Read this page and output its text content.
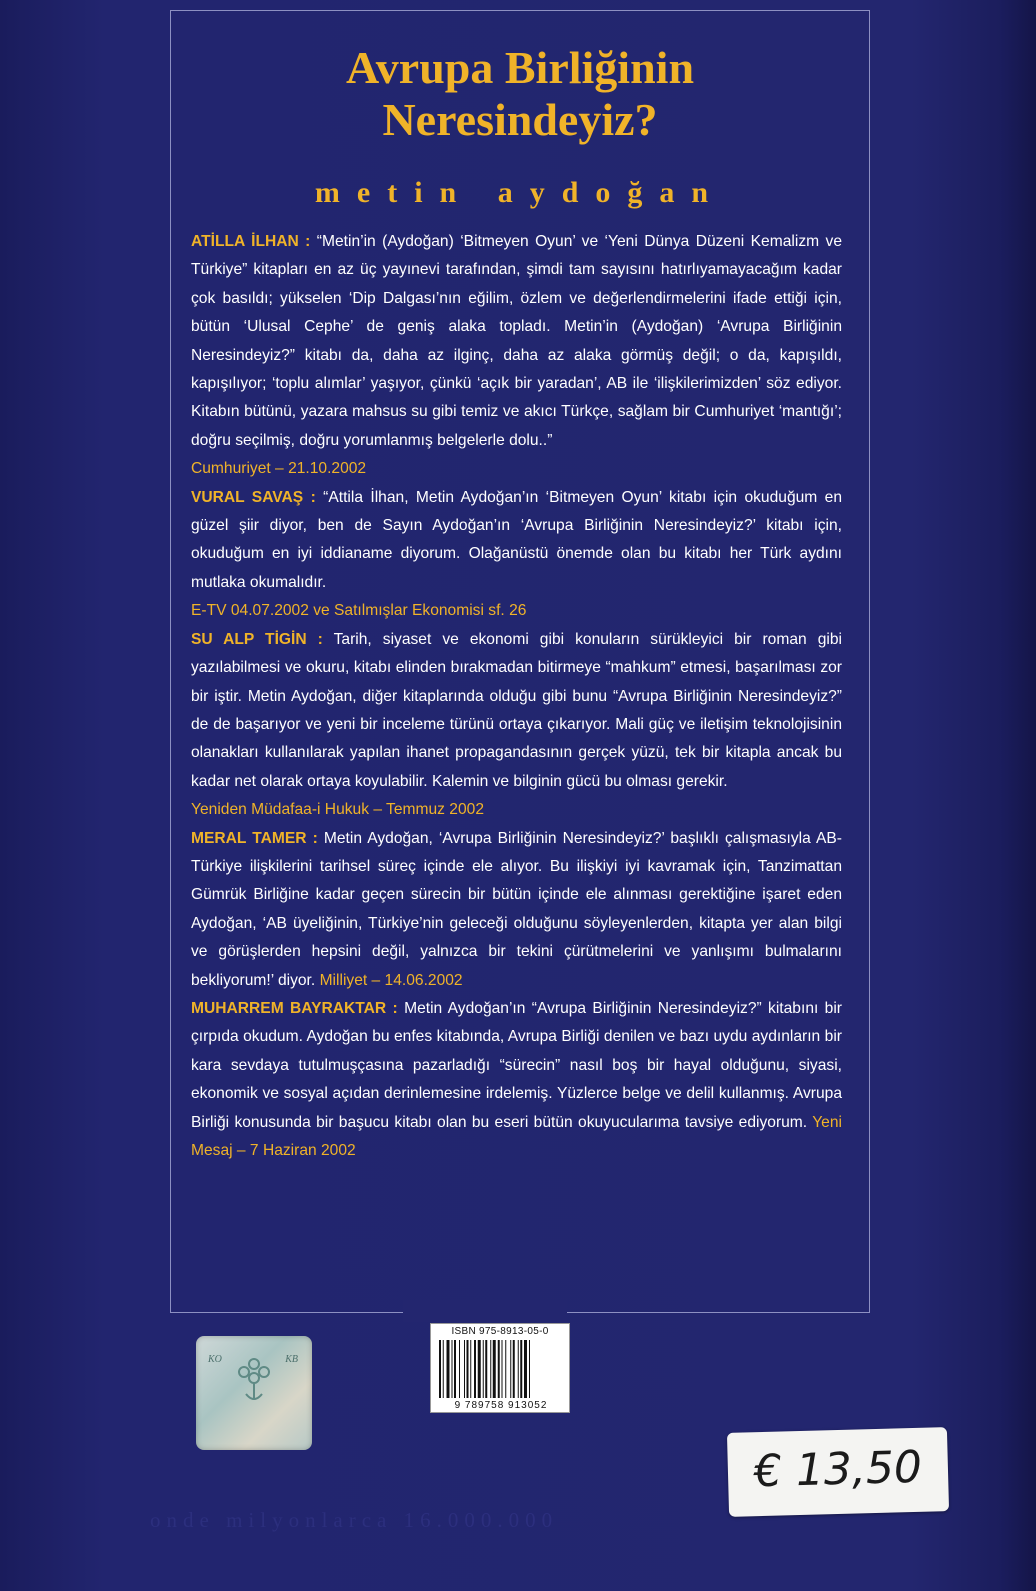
Avrupa Birliğinin
Neresindeyiz?

metin aydoğan

ATİLLA İLHAN : “Metin’in (Aydoğan) ‘Bitmeyen Oyun’ ve ‘Yeni Dünya Düzeni Kemalizm ve Türkiye” kitapları en az üç yayınevi tarafından, şimdi tam sayısını hatırlıyamayacağım kadar çok basıldı; yükselen ‘Dip Dalgası’nın eğilim, özlem ve değerlendirmelerini ifade ettiği için, bütün ‘Ulusal Cephe’ de geniş alaka topladı. Metin’in (Aydoğan) ‘Avrupa Birliğinin Neresindeyiz?” kitabı da, daha az ilginç, daha az alaka görmüş değil; o da, kapışıldı, kapışılıyor; ‘toplu alımlar’ yaşıyor, çünkü ‘açık bir yaradan’, AB ile ‘ilişkilerimizden’ söz ediyor. Kitabın bütünü, yazara mahsus su gibi temiz ve akıcı Türkçe, sağlam bir Cumhuriyet ‘mantığı’; doğru seçilmiş, doğru yorumlanmış belgelerle dolu..”
Cumhuriyet – 21.10.2002

VURAL SAVAŞ : “Attila İlhan, Metin Aydoğan’ın ‘Bitmeyen Oyun’ kitabı için okuduğum en güzel şiir diyor, ben de Sayın Aydoğan’ın ‘Avrupa Birliğinin Neresindeyiz?’ kitabı için, okuduğum en iyi iddianame diyorum. Olağanüstü önemde olan bu kitabı her Türk aydını mutlaka okumalıdır.
E-TV 04.07.2002 ve Satılmışlar Ekonomisi sf. 26

SU ALP TİGİN : Tarih, siyaset ve ekonomi gibi konuların sürükleyici bir roman gibi yazılabilmesi ve okuru, kitabı elinden bırakmadan bitirmeye “mahkum” etmesi, başarılması zor bir iştir. Metin Aydoğan, diğer kitaplarında olduğu gibi bunu “Avrupa Birliğinin Neresindeyiz?” de de başarıyor ve yeni bir inceleme türünü ortaya çıkarıyor. Mali güç ve iletişim teknolojisinin olanakları kullanılarak yapılan ihanet propagandasının gerçek yüzü, tek bir kitapla ancak bu kadar net olarak ortaya koyulabilir. Kalemin ve bilginin gücü bu olması gerekir.
Yeniden Müdafaa-i Hukuk – Temmuz 2002

MERAL TAMER : Metin Aydoğan, ‘Avrupa Birliğinin Neresindeyiz?’ başlıklı çalışmasıyla AB-Türkiye ilişkilerini tarihsel süreç içinde ele alıyor. Bu ilişkiyi iyi kavramak için, Tanzimattan Gümrük Birliğine kadar geçen sürecin bir bütün içinde ele alınması gerektiğine işaret eden Aydoğan, ‘AB üyeliğinin, Türkiye’nin geleceği olduğunu söyleyenlerden, kitapta yer alan bilgi ve görüşlerden hepsini değil, yalnızca bir tekini çürütmelerini ve yanlışımı bulmalarını bekliyorum!’ diyor. Milliyet – 14.06.2002

MUHARREM BAYRAKTAR : Metin Aydoğan’ın “Avrupa Birliğinin Neresindeyiz?” kitabını bir çırpıda okudum. Aydoğan bu enfes kitabında, Avrupa Birliği denilen ve bazı uydu aydınların bir kara sevdaya tutulmuşçasına pazarladığı “sürecin” nasıl boş bir hayal olduğunu, siyasi, ekonomik ve sosyal açıdan derinlemesine irdelemiş. Yüzlerce belge ve delil kullanmış. Avrupa Birliği konusunda bir başucu kitabı olan bu eseri bütün okuyucularıma tavsiye ediyorum. Yeni Mesaj – 7 Haziran 2002

ISBN 975-8913-05-0
9 789758 913052
KO	KB

€ 13,50

onde milyonlarca 16.000.000
